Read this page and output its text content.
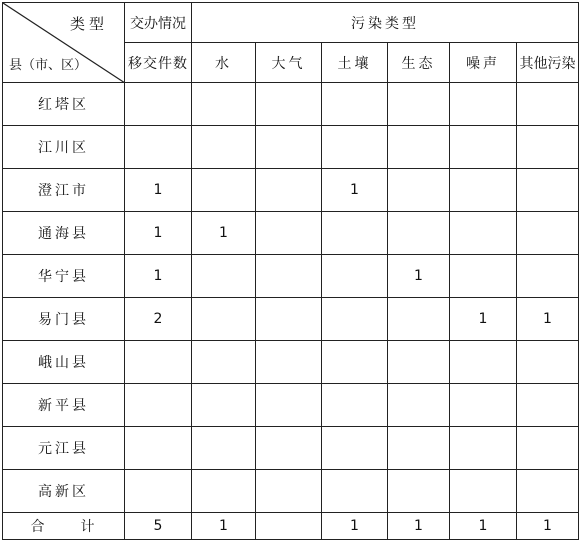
类型
县（市、区）	交办情况	污染类型					
	移交件数	水	大气	土壤	生态	噪声	其他污染
红塔区							
江川区							
澄江市	1			1			
通海县	1	1					
华宁县	1				1		
易门县	2					1	1
峨山县							
新平县							
元江县							
高新区							
合 计	5	1		1	1	1	1
